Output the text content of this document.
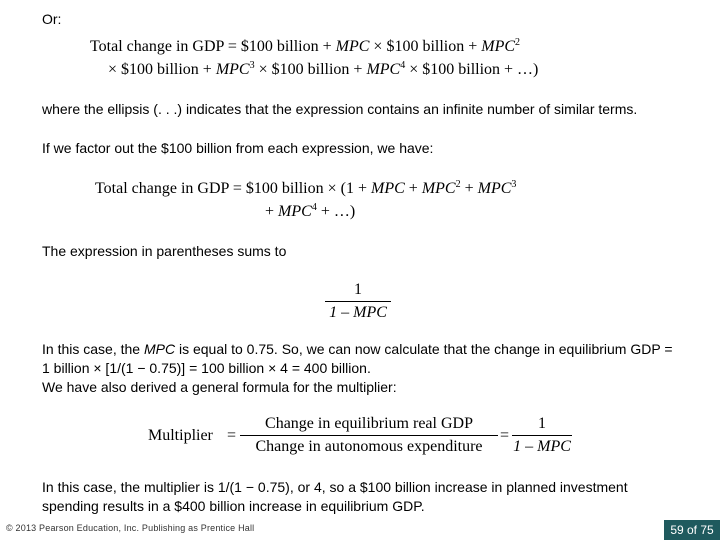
Or:
Total change in GDP = $100 billion + MPC × $100 billion + $MPC^2$
× $100 billion + $MPC^3$ × $100 billion + $MPC^4$ × $100 billion + …)
where the ellipsis (. . .) indicates that the expression contains an infinite number of similar terms.
If we factor out the $100 billion from each expression, we have:
Total change in GDP = $100 billion × (1 + MPC + $MPC^2 + MPC^3$
+ $MPC^4$ + …)
The expression in parentheses sums to
1
1 – MPC
In this case, the MPC is equal to 0.75. So, we can now calculate that the change in equilibrium GDP = 1 billion × [1/(1 − 0.75)] = 100 billion × 4 = 400 billion.
We have also derived a general formula for the multiplier:
Multiplier =
Change in equilibrium real GDP
Change in autonomous expenditure
=
1
1 – MPC
In this case, the multiplier is 1/(1 − 0.75), or 4, so a $100 billion increase in planned investment spending results in a $400 billion increase in equilibrium GDP.
© 2013 Pearson Education, Inc. Publishing as Prentice Hall	59 of 75
